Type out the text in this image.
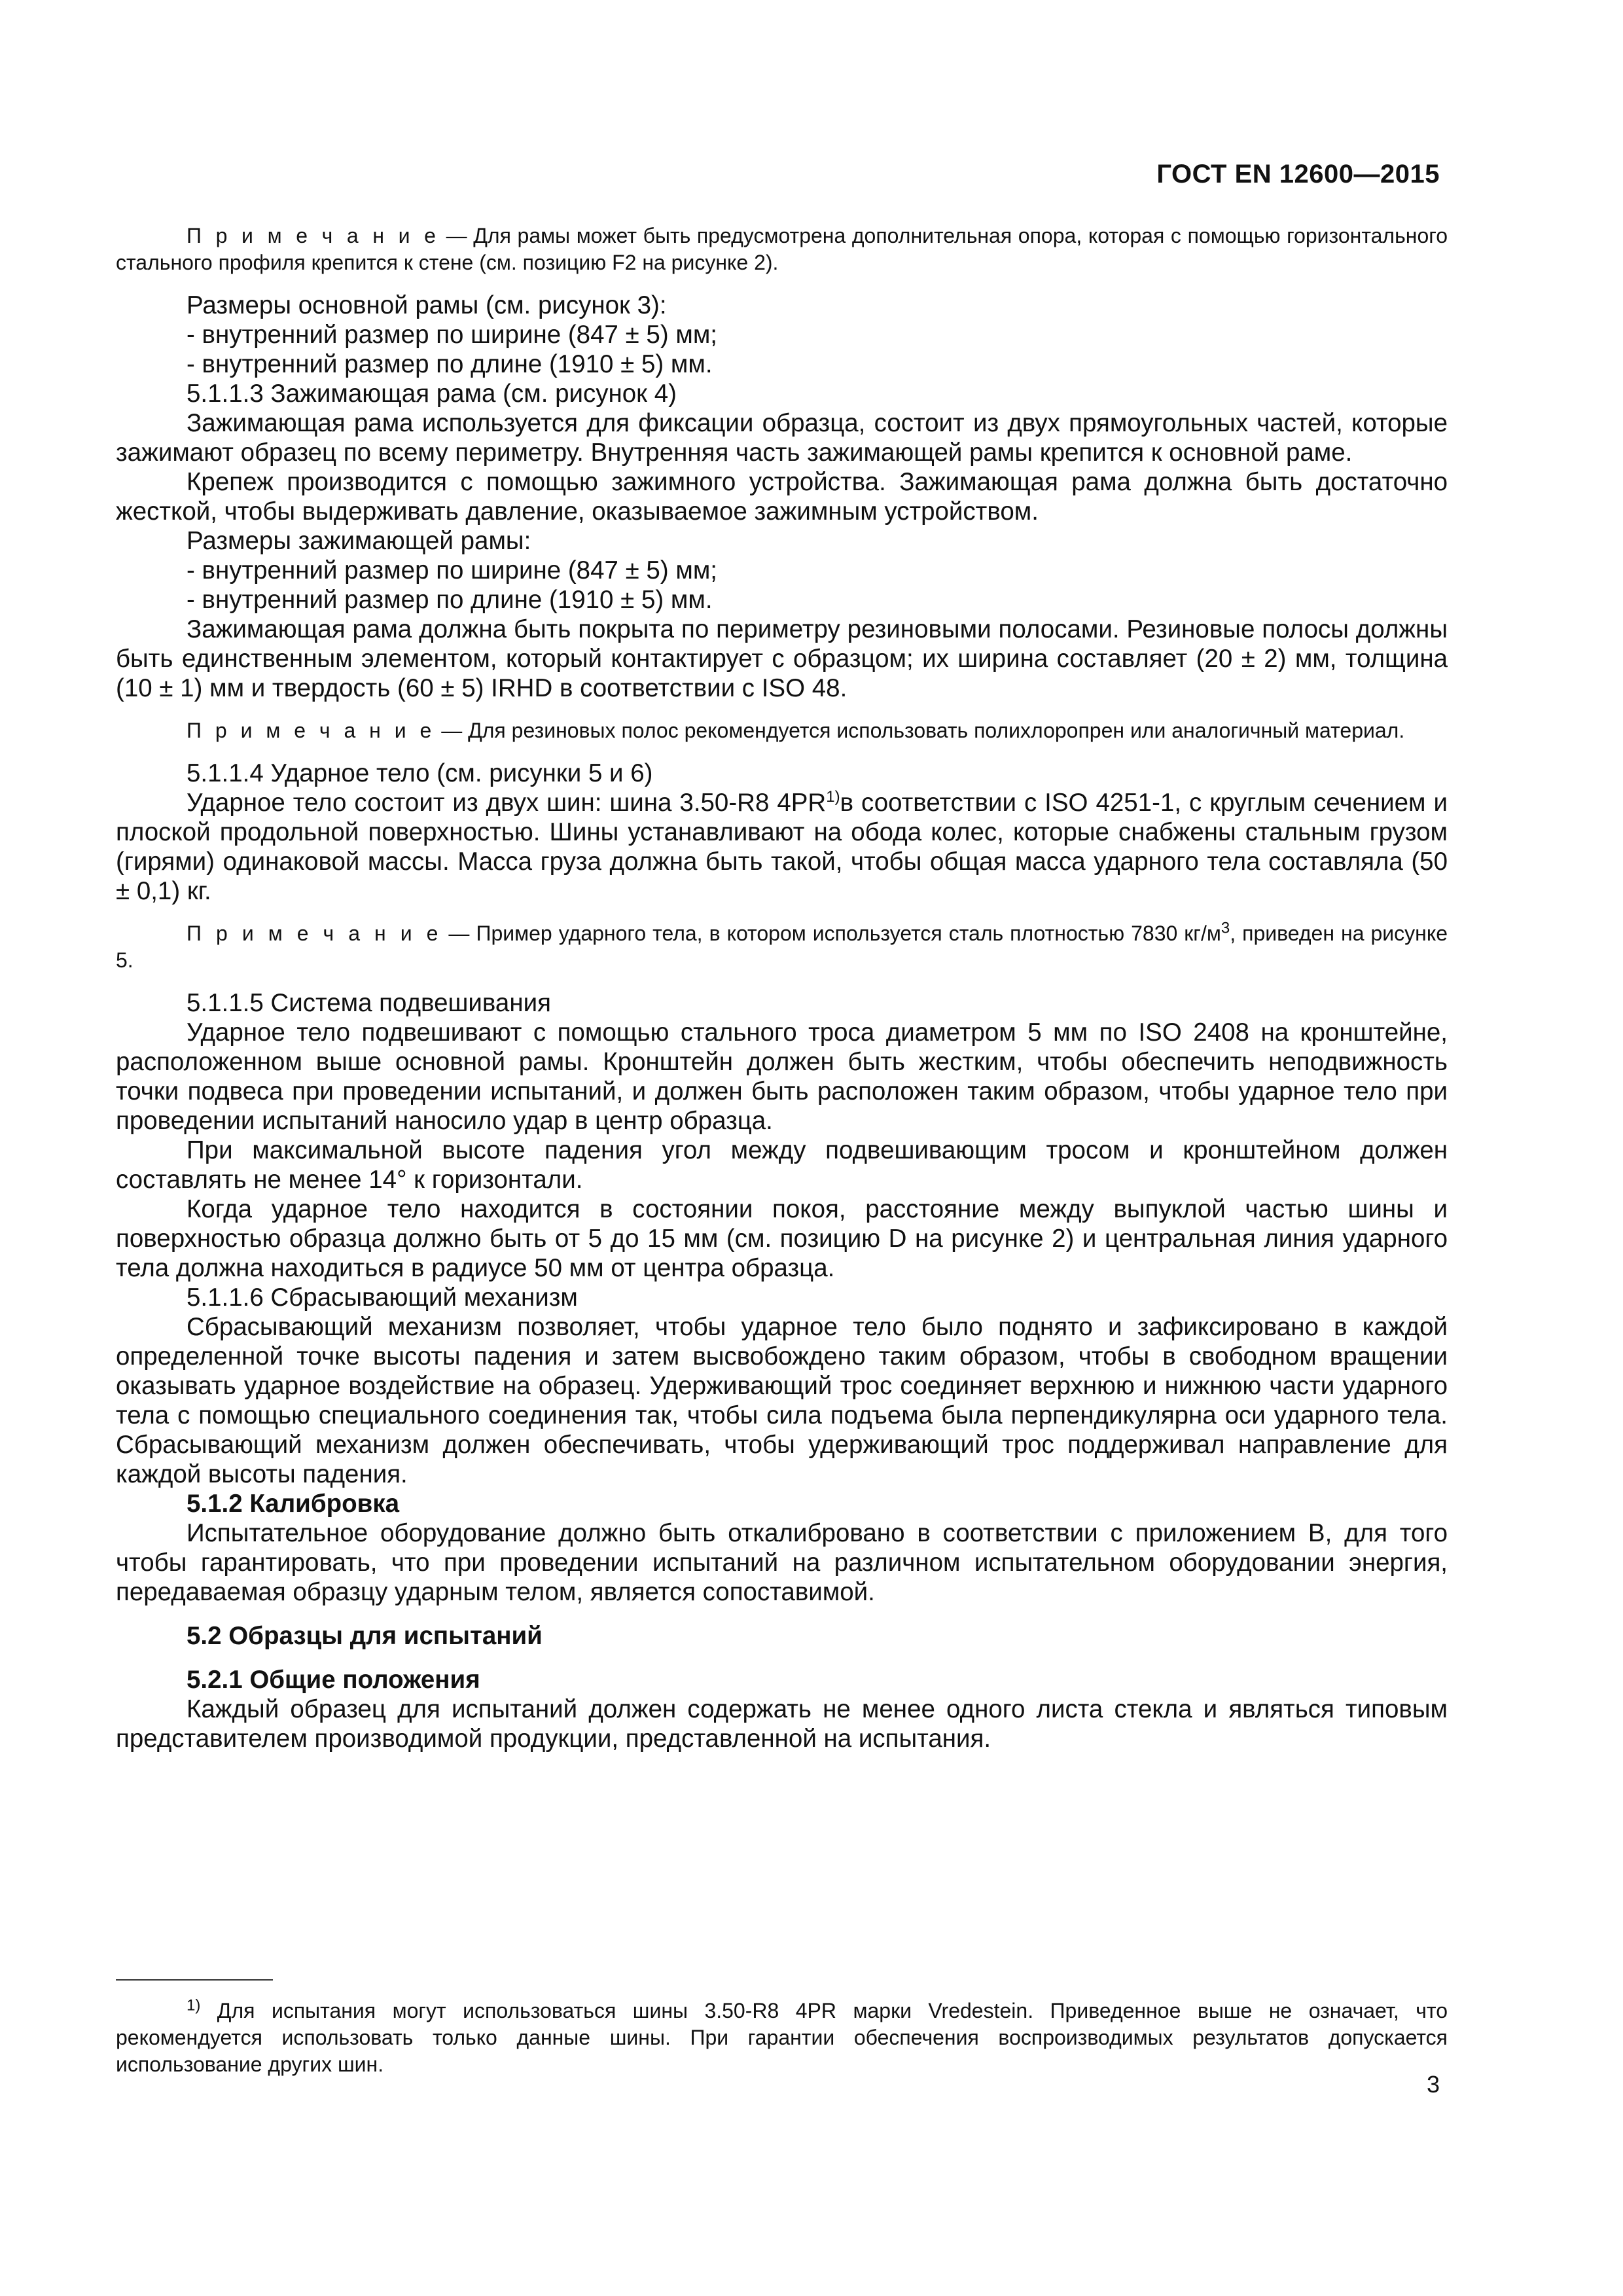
ГОСТ EN 12600—2015

П р и м е ч а н и е — Для рамы может быть предусмотрена дополнительная опора, которая с помощью горизонтального стального профиля крепится к стене (см. позицию F2 на рисунке 2).

Размеры основной рамы (см. рисунок 3):

- внутренний размер по ширине (847 ± 5) мм;

- внутренний размер по длине (1910 ± 5) мм.

5.1.1.3 Зажимающая рама (см. рисунок 4)

Зажимающая рама используется для фиксации образца, состоит из двух прямоугольных частей, которые зажимают образец по всему периметру. Внутренняя часть зажимающей рамы крепится к основной раме.

Крепеж производится с помощью зажимного устройства. Зажимающая рама должна быть достаточно жесткой, чтобы выдерживать давление, оказываемое зажимным устройством.

Размеры зажимающей рамы:

- внутренний размер по ширине (847 ± 5) мм;

- внутренний размер по длине (1910 ± 5) мм.

Зажимающая рама должна быть покрыта по периметру резиновыми полосами. Резиновые полосы должны быть единственным элементом, который контактирует с образцом; их ширина составляет (20 ± 2) мм, толщина (10 ± 1) мм и твердость (60 ± 5) IRHD в соответствии с ISO 48.

П р и м е ч а н и е — Для резиновых полос рекомендуется использовать полихлоропрен или аналогичный материал.

5.1.1.4 Ударное тело (см. рисунки 5 и 6)

Ударное тело состоит из двух шин: шина 3.50-R8 4PR$^{1)}$в соответствии с ISO 4251-1, с круглым сечением и плоской продольной поверхностью. Шины устанавливают на обода колес, которые снабжены стальным грузом (гирями) одинаковой массы. Масса груза должна быть такой, чтобы общая масса ударного тела составляла (50 ± 0,1) кг.

П р и м е ч а н и е — Пример ударного тела, в котором используется сталь плотностью 7830 $кг/м^3$, приведен на рисунке 5.

5.1.1.5 Система подвешивания

Ударное тело подвешивают с помощью стального троса диаметром 5 мм по ISO 2408 на кронштейне, расположенном выше основной рамы. Кронштейн должен быть жестким, чтобы обеспечить неподвижность точки подвеса при проведении испытаний, и должен быть расположен таким образом, чтобы ударное тело при проведении испытаний наносило удар в центр образца.

При максимальной высоте падения угол между подвешивающим тросом и кронштейном должен составлять не менее 14° к горизонтали.

Когда ударное тело находится в состоянии покоя, расстояние между выпуклой частью шины и поверхностью образца должно быть от 5 до 15 мм (см. позицию D на рисунке 2) и центральная линия ударного тела должна находиться в радиусе 50 мм от центра образца.

5.1.1.6 Сбрасывающий механизм

Сбрасывающий механизм позволяет, чтобы ударное тело было поднято и зафиксировано в каждой определенной точке высоты падения и затем высвобождено таким образом, чтобы в свободном вращении оказывать ударное воздействие на образец. Удерживающий трос соединяет верхнюю и нижнюю части ударного тела с помощью специального соединения так, чтобы сила подъема была перпендикулярна оси ударного тела. Сбрасывающий механизм должен обеспечивать, чтобы удерживающий трос поддерживал направление для каждой высоты падения.

5.1.2 Калибровка

Испытательное оборудование должно быть откалибровано в соответствии с приложением В, для того чтобы гарантировать, что при проведении испытаний на различном испытательном оборудовании энергия, передаваемая образцу ударным телом, является сопоставимой.

5.2 Образцы для испытаний

5.2.1 Общие положения

Каждый образец для испытаний должен содержать не менее одного листа стекла и являться типовым представителем производимой продукции, представленной на испытания.

$^{1)}$ Для испытания могут использоваться шины 3.50-R8 4PR марки Vredestein. Приведенное выше не означает, что рекомендуется использовать только данные шины. При гарантии обеспечения воспроизводимых результатов допускается использование других шин.

3
